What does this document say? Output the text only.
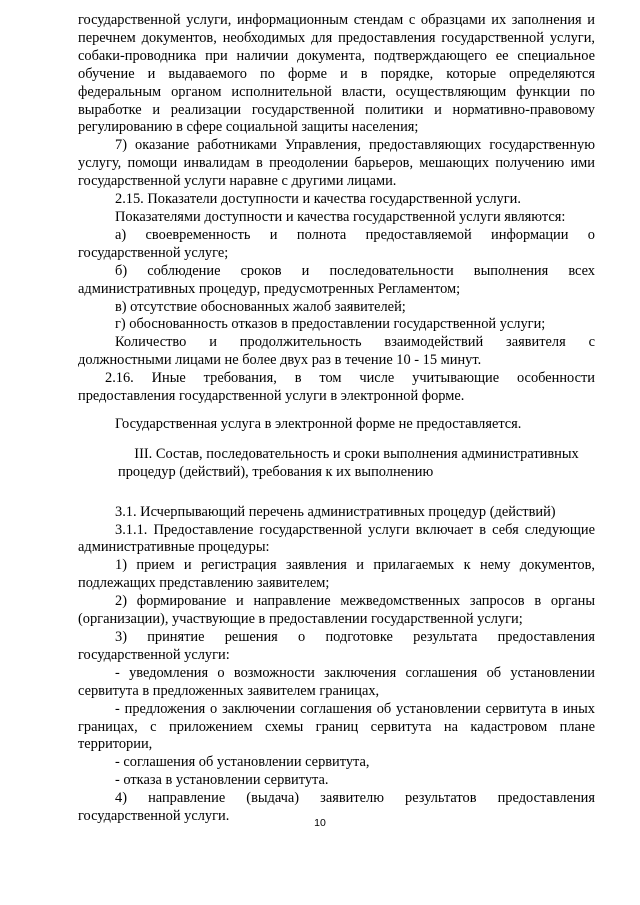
государственной услуги, информационным стендам с образцами их заполнения и перечнем документов, необходимых для предоставления государственной услуги, собаки-проводника при наличии документа, подтверждающего ее специальное обучение и выдаваемого по форме и в порядке, которые определяются федеральным органом исполнительной власти, осуществляющим функции по выработке и реализации государственной политики и нормативно-правовому регулированию в сфере социальной защиты населения;

7) оказание работниками Управления, предоставляющих государственную услугу, помощи инвалидам в преодолении барьеров, мешающих получению ими государственной услуги наравне с другими лицами.

2.15. Показатели доступности и качества государственной услуги.

Показателями доступности и качества государственной услуги являются:

а) своевременность и полнота предоставляемой информации о государственной услуге;

б) соблюдение сроков и последовательности выполнения всех административных процедур, предусмотренных Регламентом;

в) отсутствие обоснованных жалоб заявителей;

г) обоснованность отказов в предоставлении государственной услуги;

Количество и продолжительность взаимодействий заявителя с должностными лицами не более двух раз в течение 10 - 15 минут.

2.16. Иные требования, в том числе учитывающие особенности предоставления государственной услуги в электронной форме.

Государственная услуга в электронной форме не предоставляется.

III. Состав, последовательность и сроки выполнения административных процедур (действий), требования к их выполнению

3.1. Исчерпывающий перечень административных процедур (действий)

3.1.1. Предоставление государственной услуги включает в себя следующие административные процедуры:

1) прием и регистрация заявления и прилагаемых к нему документов, подлежащих представлению заявителем;

2) формирование и направление межведомственных запросов в органы (организации), участвующие в предоставлении государственной услуги;

3) принятие решения о подготовке результата предоставления государственной услуги:

- уведомления о возможности заключения соглашения об установлении сервитута в предложенных заявителем границах,

- предложения о заключении соглашения об установлении сервитута в иных границах, с приложением схемы границ сервитута на кадастровом плане территории,

- соглашения об установлении сервитута,

- отказа в установлении сервитута.

4) направление (выдача) заявителю результатов предоставления государственной услуги.	10
